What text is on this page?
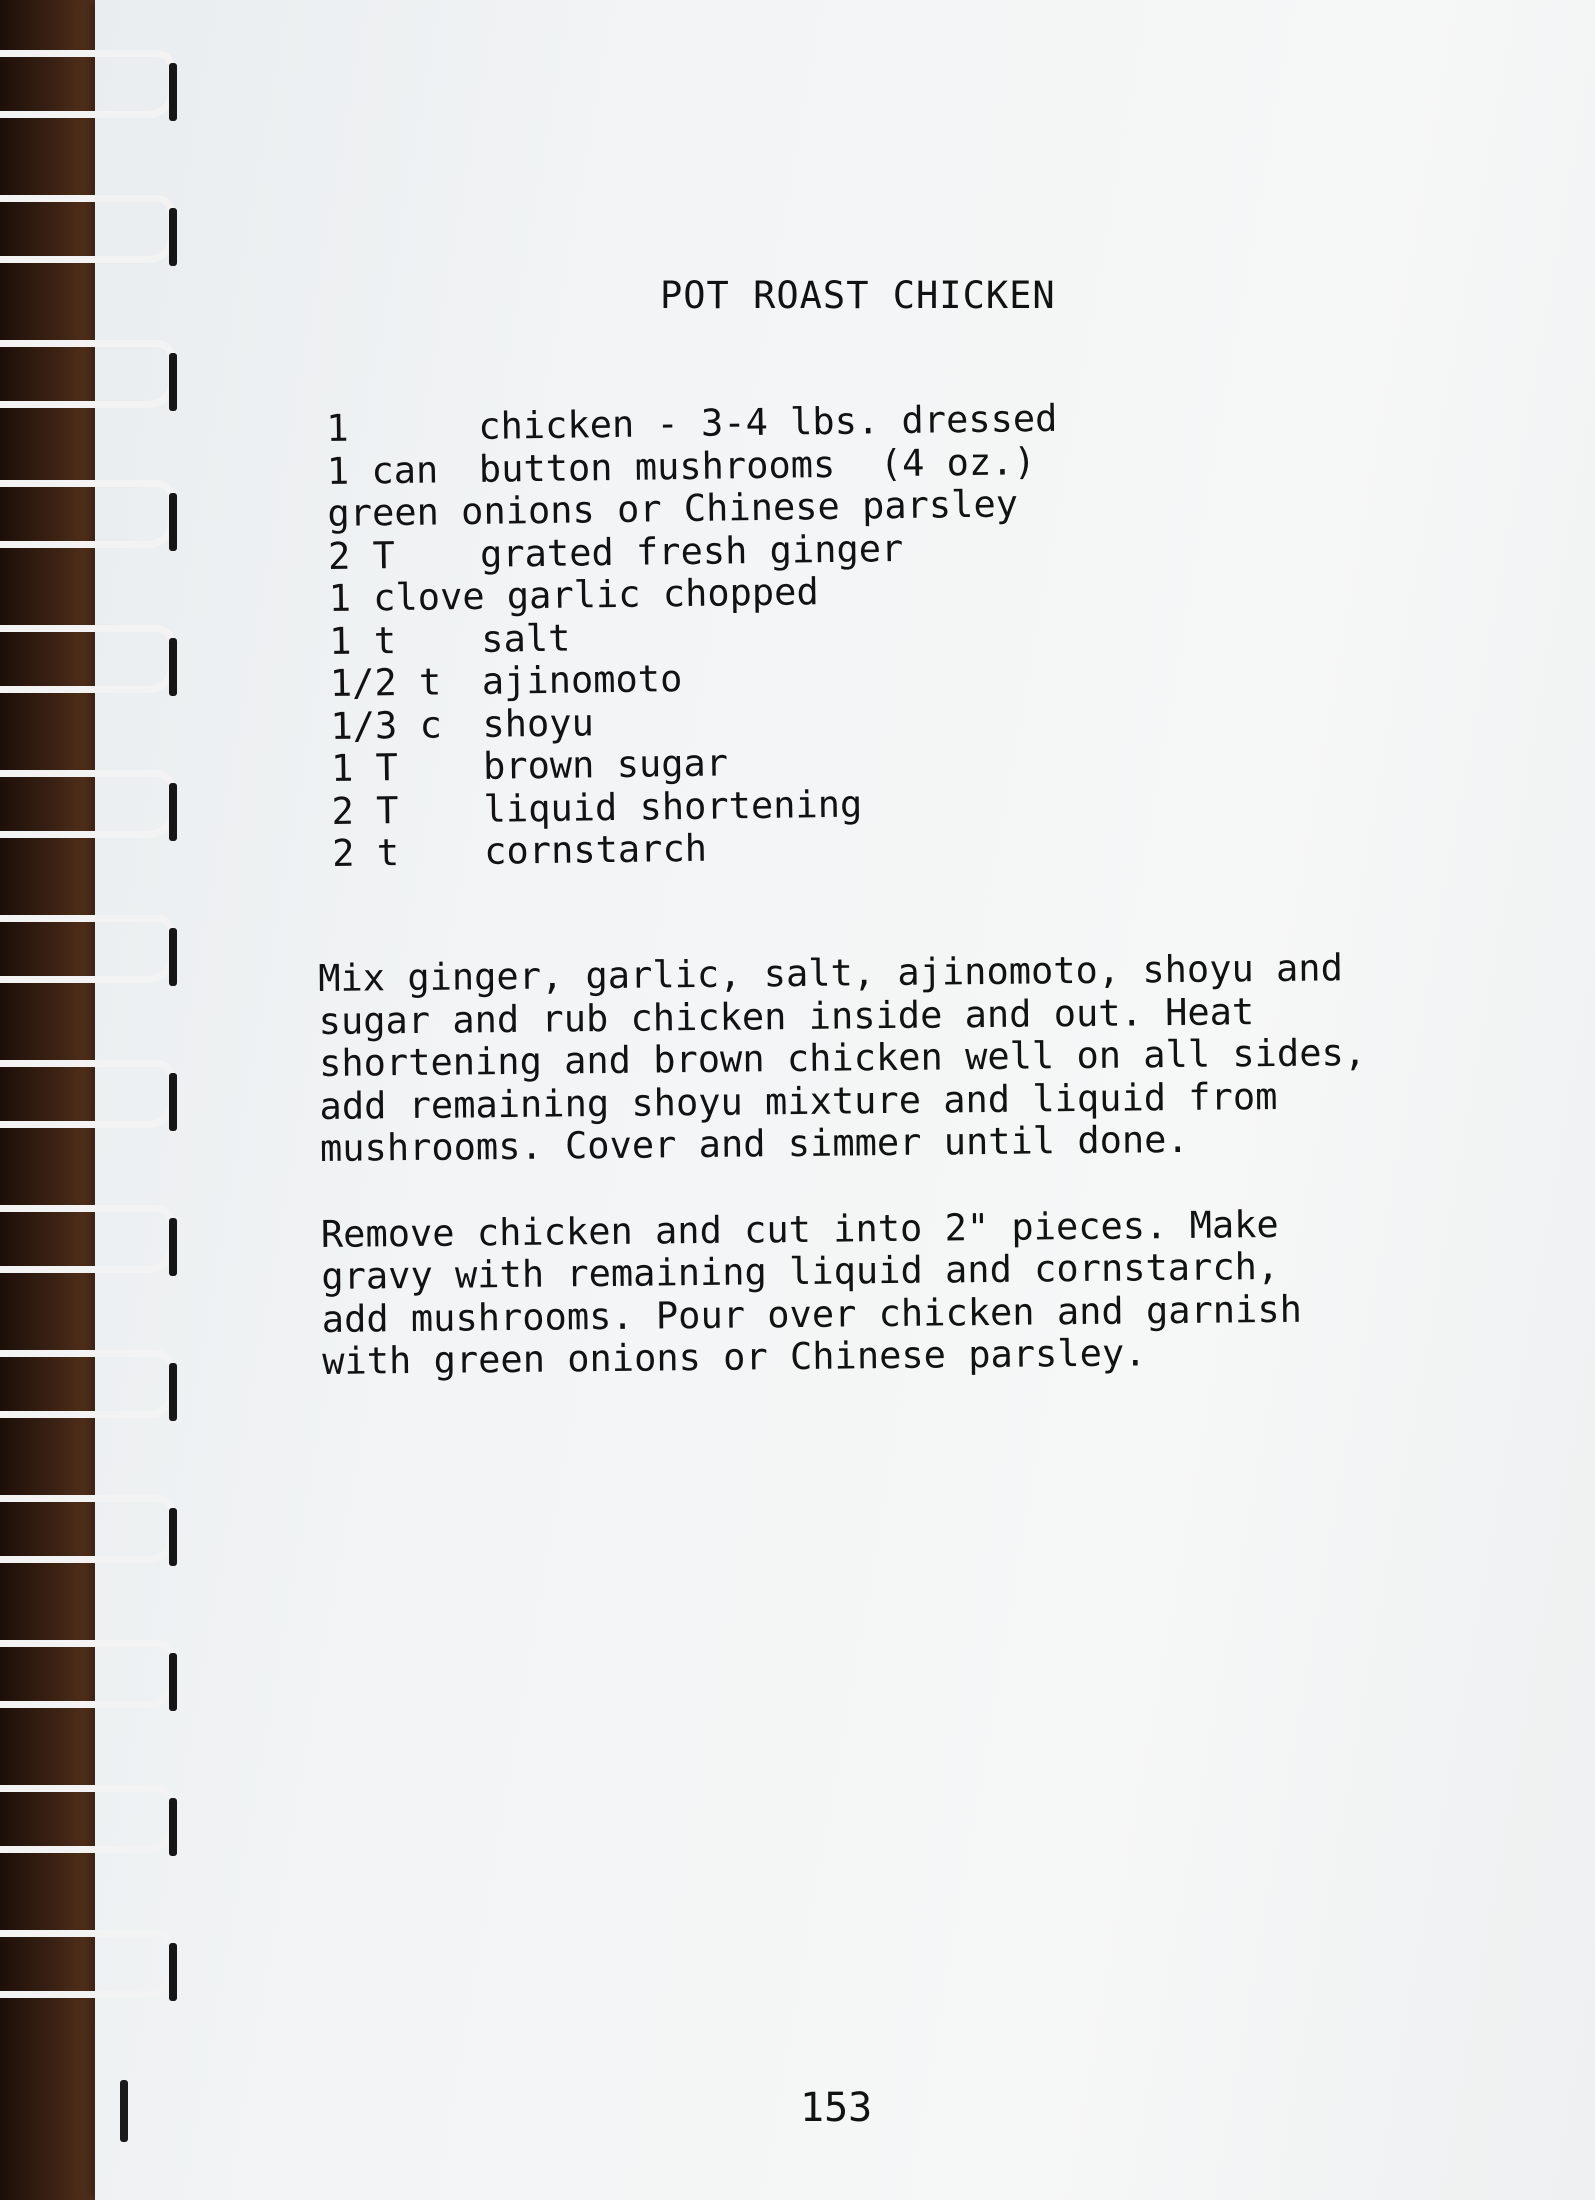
POT ROAST CHICKEN
1	chicken - 3-4 lbs. dressed
1 can	button mushrooms  (4 oz.)
green onions or Chinese parsley
2 T	grated fresh ginger
1 clove garlic chopped
1 t	salt
1/2 t	ajinomoto
1/3 c	shoyu
1 T	brown sugar
2 T	liquid shortening
2 t	cornstarch

Mix ginger, garlic, salt, ajinomoto, shoyu and
sugar and rub chicken inside and out. Heat
shortening and brown chicken well on all sides,
add remaining shoyu mixture and liquid from
mushrooms. Cover and simmer until done.

Remove chicken and cut into 2" pieces. Make
gravy with remaining liquid and cornstarch,
add mushrooms. Pour over chicken and garnish
with green onions or Chinese parsley.

153
